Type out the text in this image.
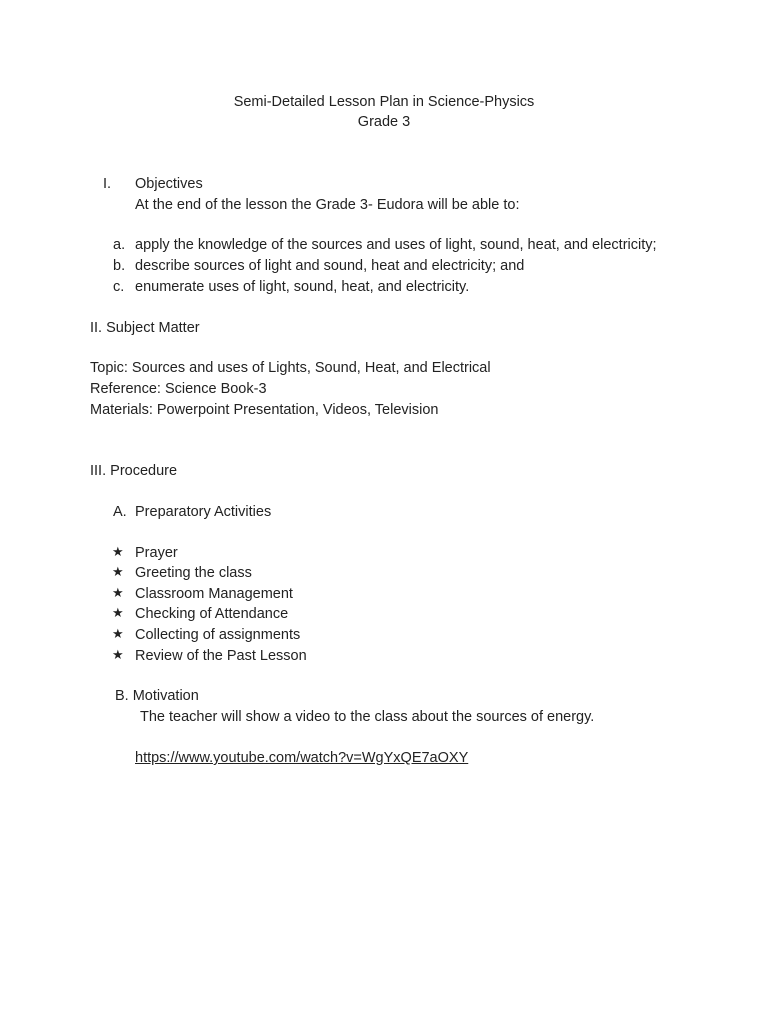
Semi-Detailed Lesson Plan in Science-Physics
Grade 3
I. Objectives
At the end of the lesson the Grade 3- Eudora will be able to:
a. apply the knowledge of the sources and uses of light, sound, heat, and electricity;
b. describe sources of light and sound, heat and electricity; and
c. enumerate uses of light, sound, heat, and electricity.
II. Subject Matter
Topic: Sources and uses of Lights, Sound, Heat, and Electrical
Reference: Science Book-3
Materials: Powerpoint Presentation, Videos, Television
III. Procedure
A. Preparatory Activities
★ Prayer
★ Greeting the class
★ Classroom Management
★ Checking of Attendance
★ Collecting of assignments
★ Review of the Past Lesson
B. Motivation
The teacher will show a video to the class about the sources of energy.
https://www.youtube.com/watch?v=WgYxQE7aOXY
